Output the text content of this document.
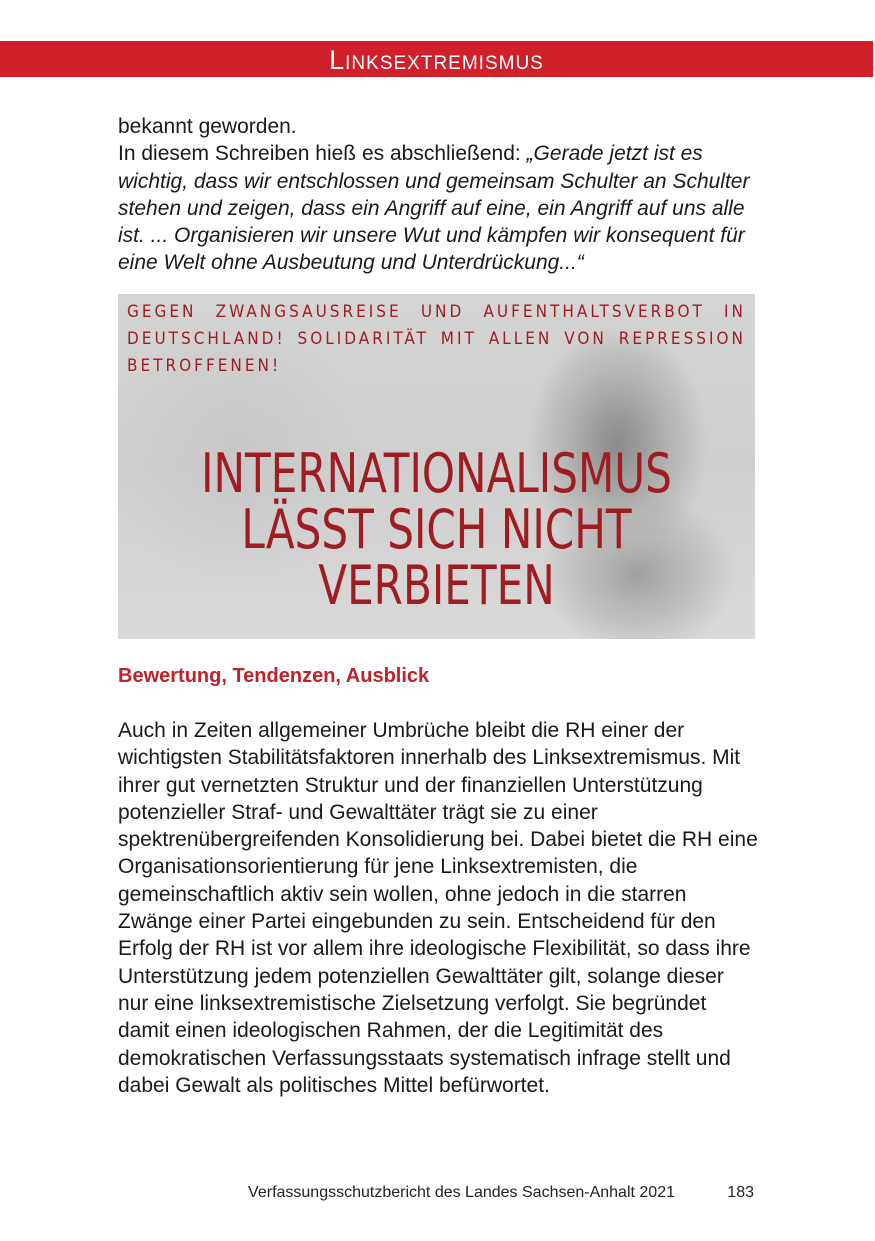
Linksextremismus

bekannt geworden.

In diesem Schreiben hieß es abschließend: „Gerade jetzt ist es wichtig, dass wir entschlossen und gemeinsam Schulter an Schulter stehen und zeigen, dass ein Angriff auf eine, ein Angriff auf uns alle ist. ... Organisieren wir unsere Wut und kämpfen wir konsequent für eine Welt ohne Ausbeutung und Unterdrückung...“

GEGEN ZWANGSAUSREISE UND AUFENTHALTSVERBOT IN DEUTSCHLAND! SOLIDARITÄT MIT ALLEN VON REPRESSION BETROFFENEN!
INTERNATIONALISMUS
LÄSST SICH NICHT
VERBIETEN
Bewertung, Tendenzen, Ausblick

Auch in Zeiten allgemeiner Umbrüche bleibt die RH einer der wichtigsten Stabilitätsfaktoren innerhalb des Linksextremismus. Mit ihrer gut vernetzten Struktur und der finanziellen Unterstützung potenzieller Straf- und Gewalttäter trägt sie zu einer spektrenübergreifenden Konsolidierung bei. Dabei bietet die RH eine Organisationsorientierung für jene Linksextremisten, die gemeinschaftlich aktiv sein wollen, ohne jedoch in die starren Zwänge einer Partei eingebunden zu sein. Entscheidend für den Erfolg der RH ist vor allem ihre ideologische Flexibilität, so dass ihre Unterstützung jedem potenziellen Gewalttäter gilt, solange dieser nur eine linksextremistische Zielsetzung verfolgt. Sie begründet damit einen ideologischen Rahmen, der die Legitimität des demokratischen Verfassungsstaats systematisch infrage stellt und dabei Gewalt als politisches Mittel befürwortet.

Verfassungsschutzbericht des Landes Sachsen-Anhalt 2021	183
